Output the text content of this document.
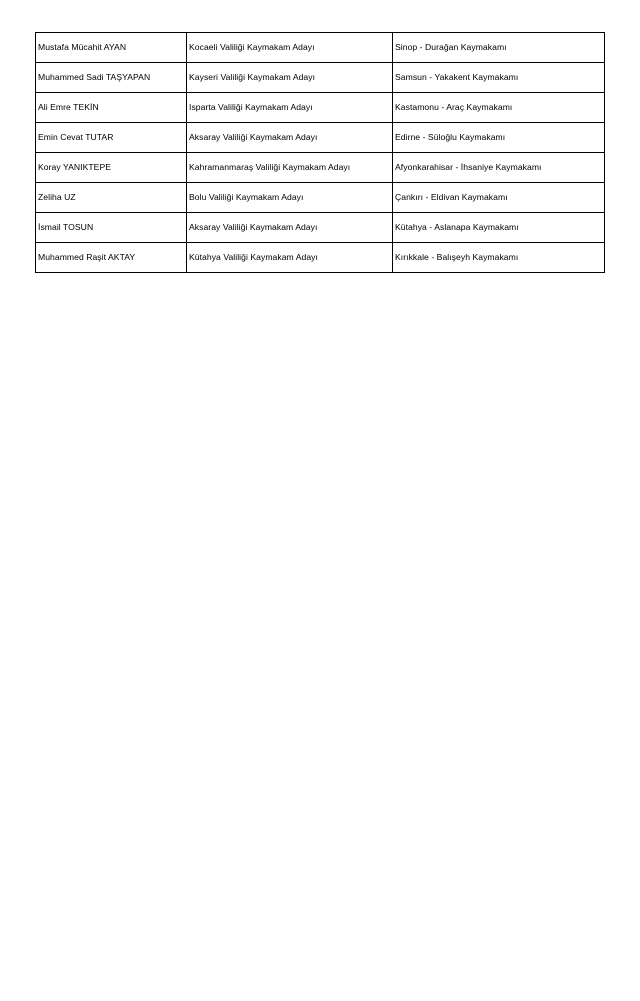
Mustafa Mücahit AYAN	Kocaeli Valiliği Kaymakam Adayı	Sinop - Durağan Kaymakamı
Muhammed Sadi TAŞYAPAN	Kayseri Valiliği Kaymakam Adayı	Samsun - Yakakent Kaymakamı
Ali Emre TEKİN	Isparta Valiliği Kaymakam Adayı	Kastamonu - Araç Kaymakamı
Emin Cevat TUTAR	Aksaray Valiliği Kaymakam Adayı	Edirne - Süloğlu Kaymakamı
Koray YANIKTEPE	Kahramanmaraş Valiliği Kaymakam Adayı	Afyonkarahisar - İhsaniye Kaymakamı
Zeliha UZ	Bolu Valiliği Kaymakam Adayı	Çankırı - Eldivan Kaymakamı
İsmail TOSUN	Aksaray Valiliği Kaymakam Adayı	Kütahya - Aslanapa Kaymakamı
Muhammed Raşit AKTAY	Kütahya Valiliği Kaymakam Adayı	Kırıkkale - Balışeyh Kaymakamı
